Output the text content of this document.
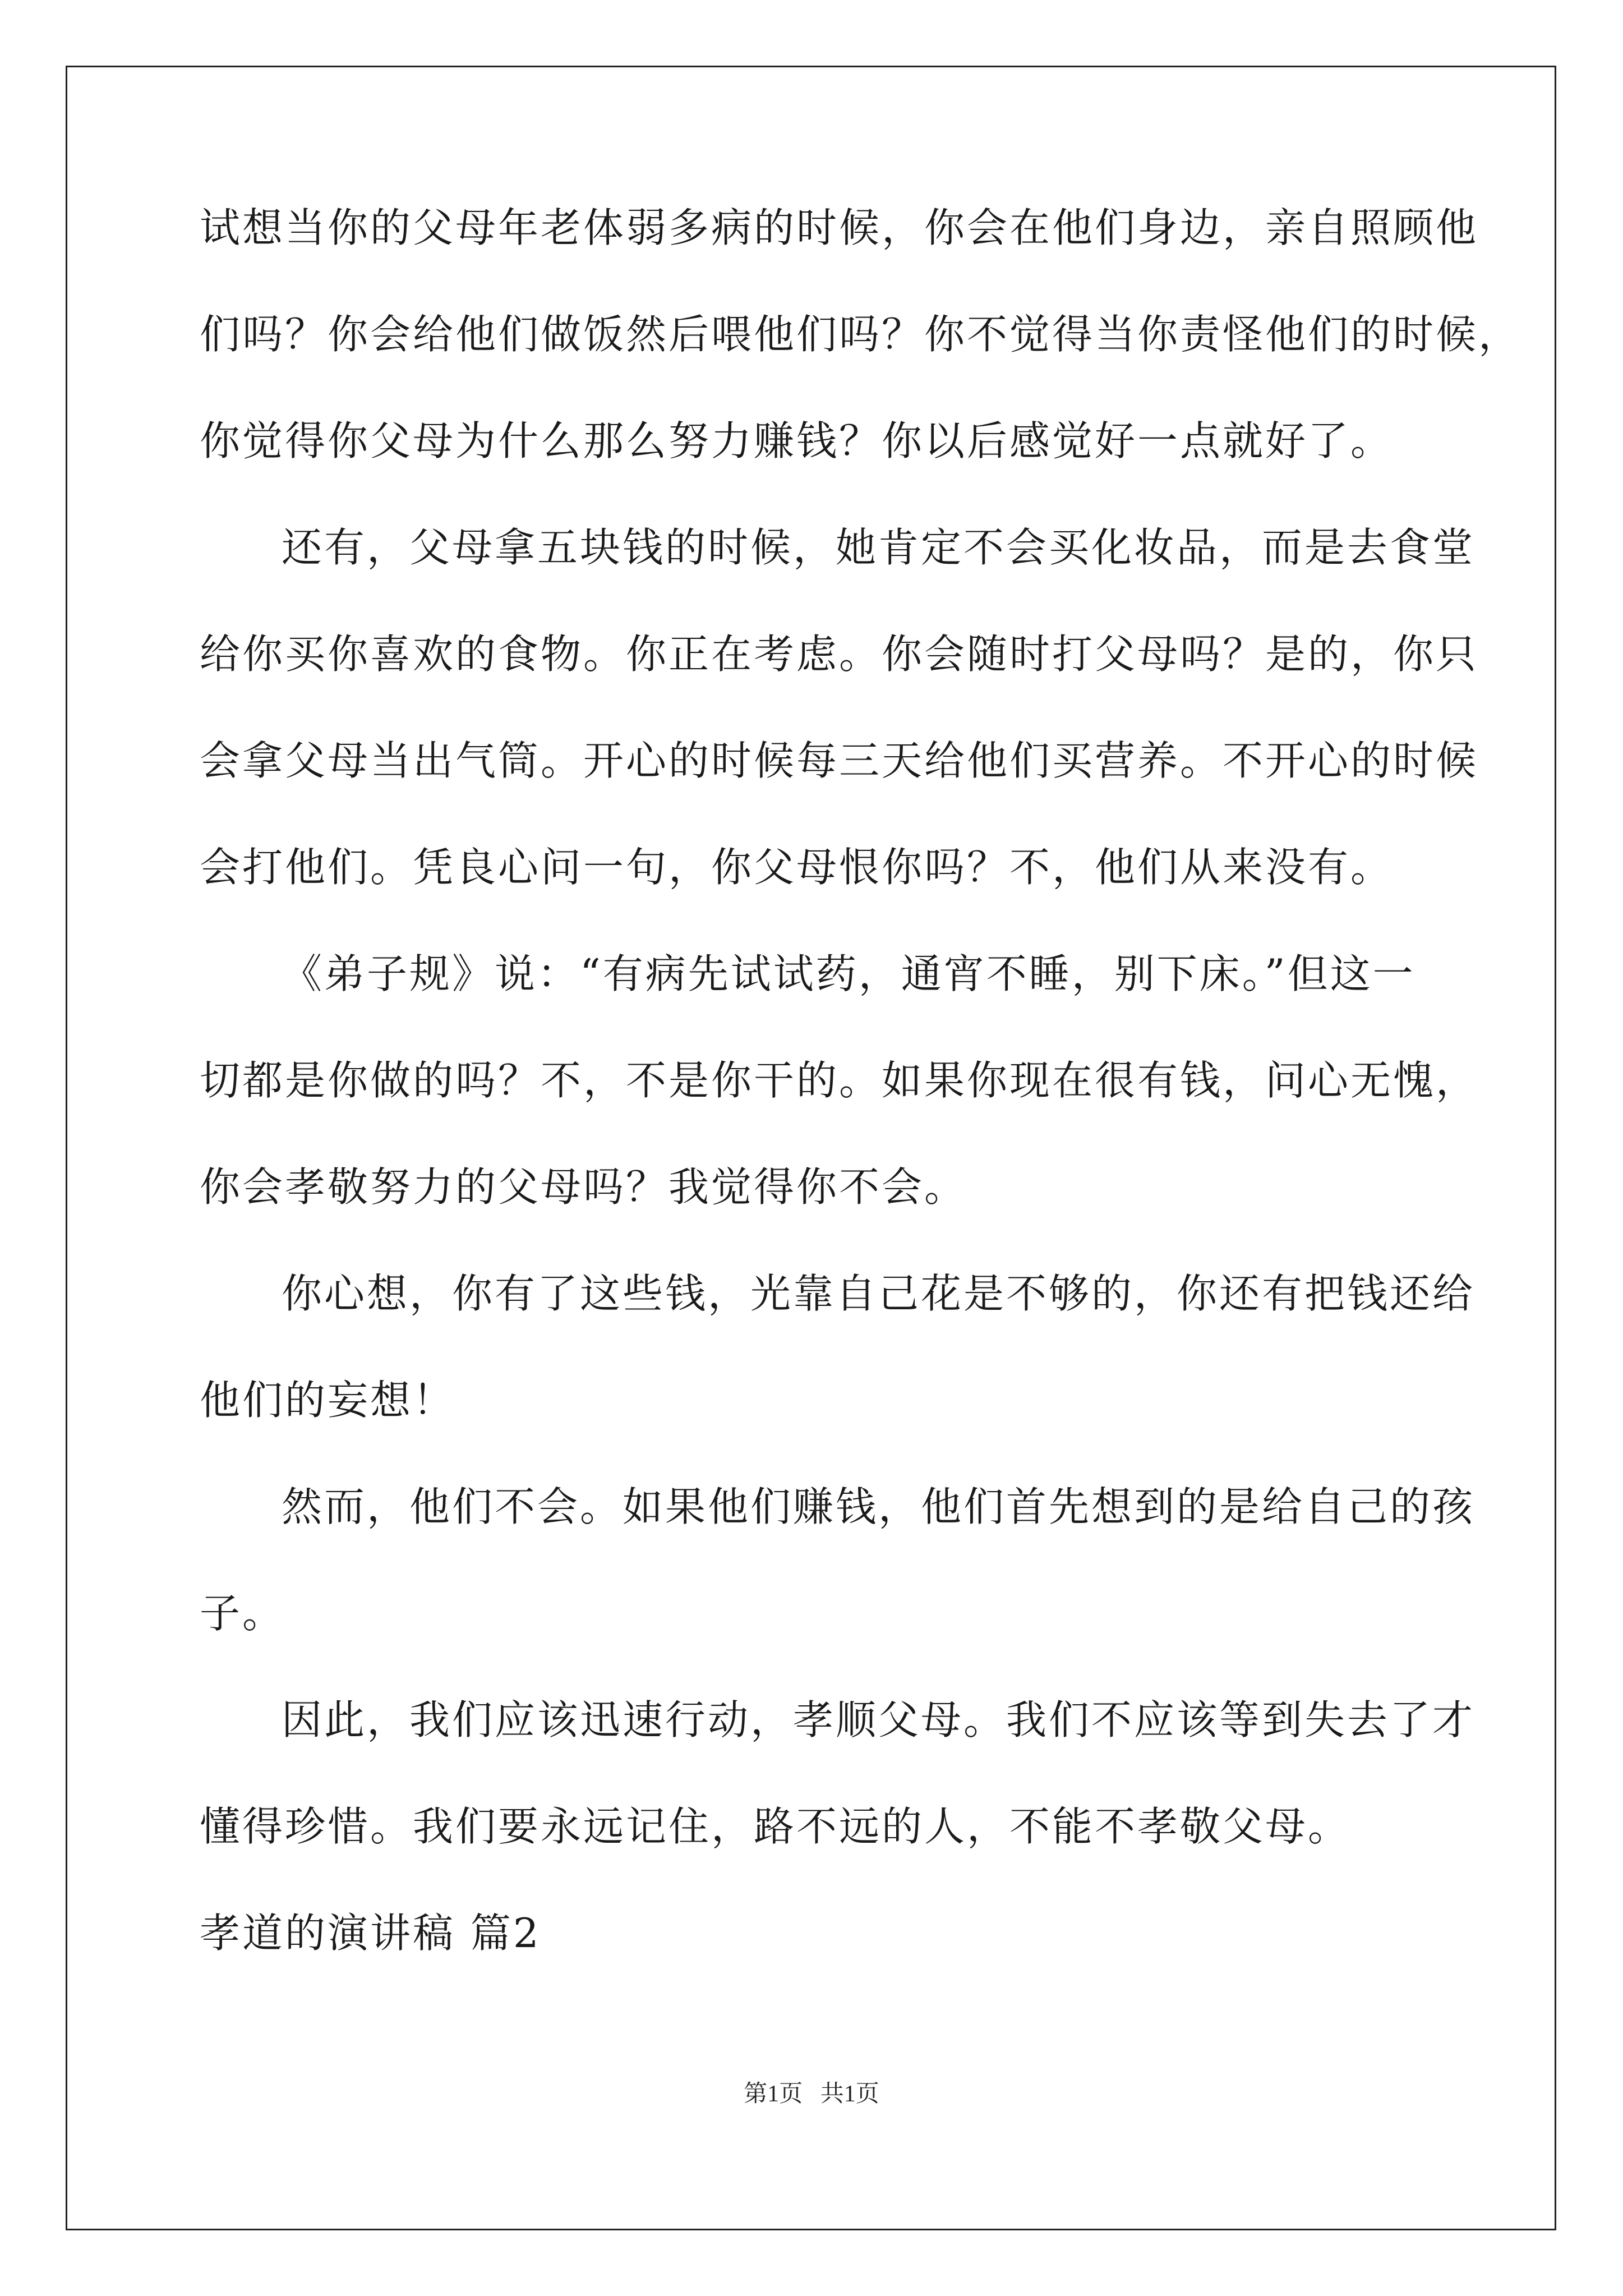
试想当你的父母年老体弱多病的时候，你会在他们身边，亲自照顾他
们吗？你会给他们做饭然后喂他们吗？你不觉得当你责怪他们的时候，
你觉得你父母为什么那么努力赚钱？你以后感觉好一点就好了。
还有，父母拿五块钱的时候，她肯定不会买化妆品，而是去食堂
给你买你喜欢的食物。你正在考虑。你会随时打父母吗？是的，你只
会拿父母当出气筒。开心的时候每三天给他们买营养。不开心的时候
会打他们。凭良心问一句，你父母恨你吗？不，他们从来没有。
《弟子规》说：“有病先试试药，通宵不睡，别下床。”但这一
切都是你做的吗？不，不是你干的。如果你现在很有钱，问心无愧，
你会孝敬努力的父母吗？我觉得你不会。
你心想，你有了这些钱，光靠自己花是不够的，你还有把钱还给
他们的妄想！
然而，他们不会。如果他们赚钱，他们首先想到的是给自己的孩
子。
因此，我们应该迅速行动，孝顺父母。我们不应该等到失去了才
懂得珍惜。我们要永远记住，路不远的人，不能不孝敬父母。
孝道的演讲稿 篇2
第1页   共1页
